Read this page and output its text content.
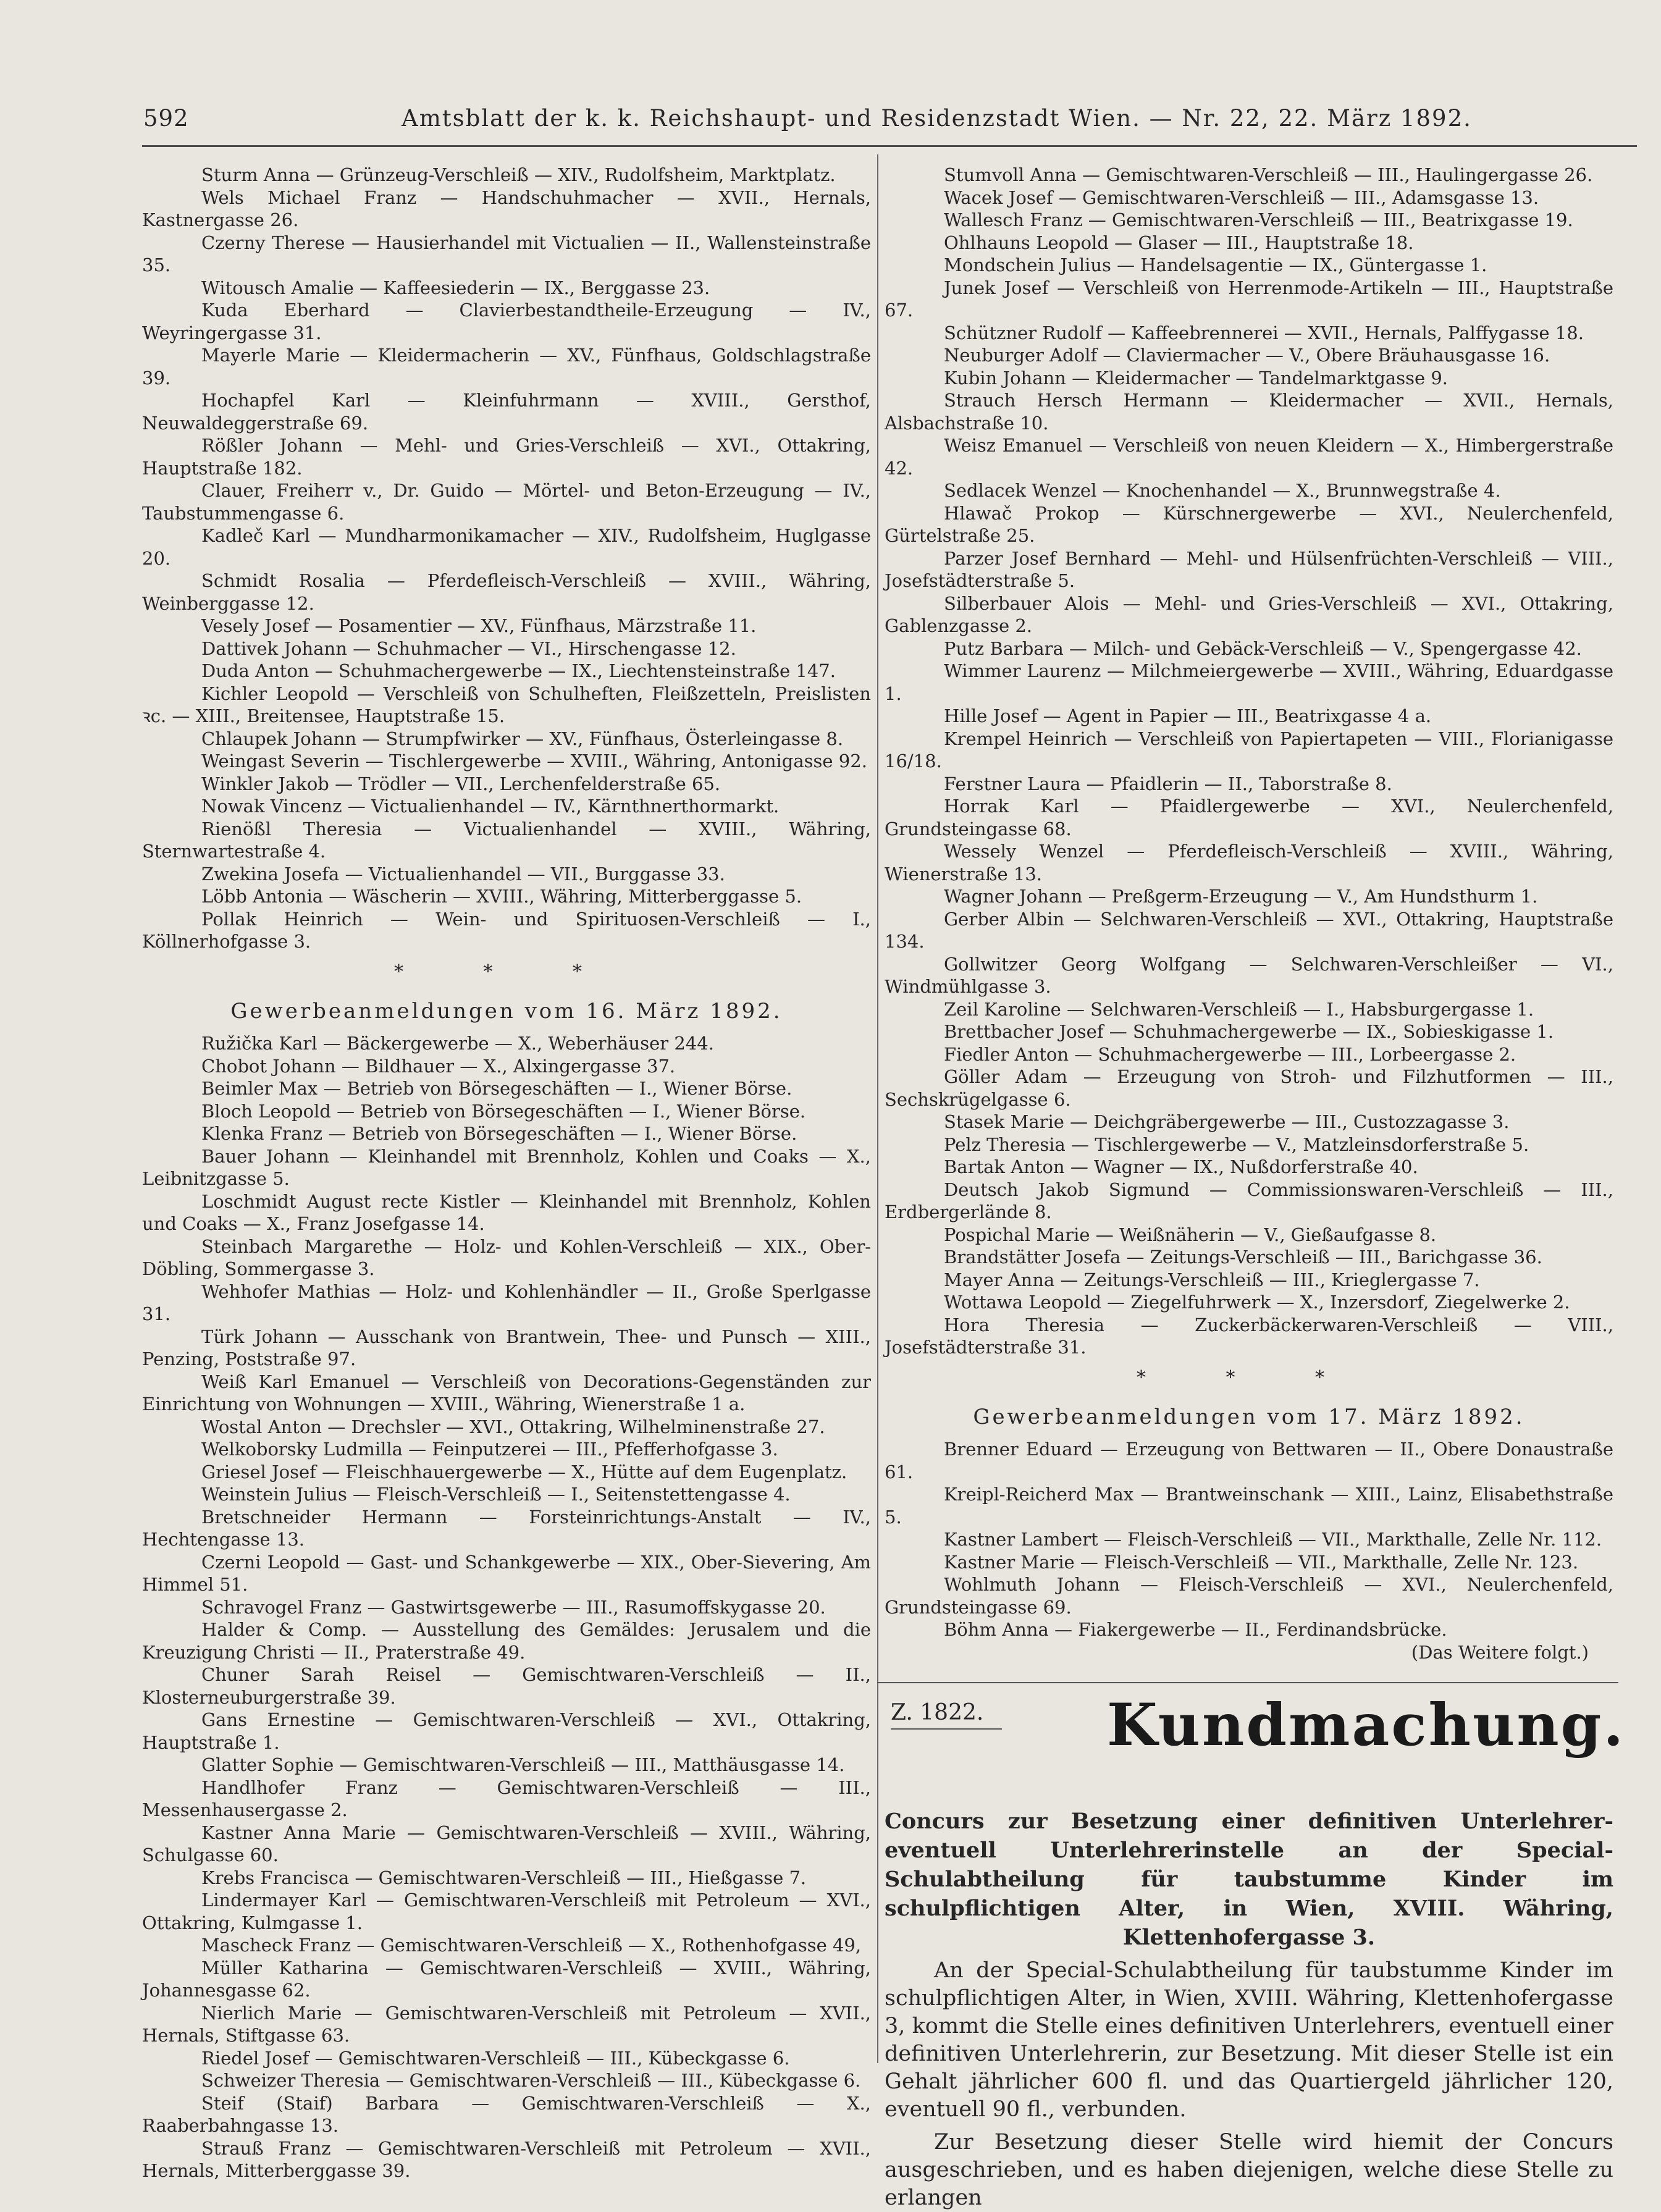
592	Amtsblatt der k. k. Reichshaupt- und Residenzstadt Wien. — Nr. 22, 22. März 1892.

Sturm Anna — Grünzeug-Verschleiß — XIV., Rudolfsheim, Marktplatz.

Wels Michael Franz — Handschuhmacher — XVII., Hernals, Kastnergasse 26.

Czerny Therese — Hausierhandel mit Victualien — II., Wallensteinstraße 35.

Witousch Amalie — Kaffeesiederin — IX., Berggasse 23.

Kuda Eberhard — Clavierbestandtheile-Erzeugung — IV., Weyringergasse 31.

Mayerle Marie — Kleidermacherin — XV., Fünfhaus, Goldschlagstraße 39.

Hochapfel Karl — Kleinfuhrmann — XVIII., Gersthof, Neuwaldeggerstraße 69.

Rößler Johann — Mehl- und Gries-Verschleiß — XVI., Ottakring, Hauptstraße 182.

Clauer, Freiherr v., Dr. Guido — Mörtel- und Beton-Erzeugung — IV., Taubstummengasse 6.

Kadleč Karl — Mundharmonikamacher — XIV., Rudolfsheim, Huglgasse 20.

Schmidt Rosalia — Pferdefleisch-Verschleiß — XVIII., Währing, Weinberggasse 12.

Vesely Josef — Posamentier — XV., Fünfhaus, Märzstraße 11.

Dattivek Johann — Schuhmacher — VI., Hirschengasse 12.

Duda Anton — Schuhmachergewerbe — IX., Liechtensteinstraße 147.

Kichler Leopold — Verschleiß von Schulheften, Fleißzetteln, Preislisten ꝛc. — XIII., Breitensee, Hauptstraße 15.

Chlaupek Johann — Strumpfwirker — XV., Fünfhaus, Österleingasse 8.

Weingast Severin — Tischlergewerbe — XVIII., Währing, Antonigasse 92.

Winkler Jakob — Trödler — VII., Lerchenfelderstraße 65.

Nowak Vincenz — Victualienhandel — IV., Kärnthnerthormarkt.

Rienößl Theresia — Victualienhandel — XVIII., Währing, Sternwartestraße 4.

Zwekina Josefa — Victualienhandel — VII., Burggasse 33.

Löbb Antonia — Wäscherin — XVIII., Währing, Mitterberggasse 5.

Pollak Heinrich — Wein- und Spirituosen-Verschleiß — I., Köllnerhofgasse 3.

* * *
Gewerbeanmeldungen vom 16. März 1892.

Ružička Karl — Bäckergewerbe — X., Weberhäuser 244.

Chobot Johann — Bildhauer — X., Alxingergasse 37.

Beimler Max — Betrieb von Börsegeschäften — I., Wiener Börse.

Bloch Leopold — Betrieb von Börsegeschäften — I., Wiener Börse.

Klenka Franz — Betrieb von Börsegeschäften — I., Wiener Börse.

Bauer Johann — Kleinhandel mit Brennholz, Kohlen und Coaks — X., Leibnitzgasse 5.

Loschmidt August recte Kistler — Kleinhandel mit Brennholz, Kohlen und Coaks — X., Franz Josefgasse 14.

Steinbach Margarethe — Holz- und Kohlen-Verschleiß — XIX., Ober-Döbling, Sommergasse 3.

Wehhofer Mathias — Holz- und Kohlenhändler — II., Große Sperlgasse 31.

Türk Johann — Ausschank von Brantwein, Thee- und Punsch — XIII., Penzing, Poststraße 97.

Weiß Karl Emanuel — Verschleiß von Decorations-Gegenständen zur Einrichtung von Wohnungen — XVIII., Währing, Wienerstraße 1 a.

Wostal Anton — Drechsler — XVI., Ottakring, Wilhelminenstraße 27.

Welkoborsky Ludmilla — Feinputzerei — III., Pfefferhofgasse 3.

Griesel Josef — Fleischhauergewerbe — X., Hütte auf dem Eugenplatz.

Weinstein Julius — Fleisch-Verschleiß — I., Seitenstettengasse 4.

Bretschneider Hermann — Forsteinrichtungs-Anstalt — IV., Hechtengasse 13.

Czerni Leopold — Gast- und Schankgewerbe — XIX., Ober-Sievering, Am Himmel 51.

Schravogel Franz — Gastwirtsgewerbe — III., Rasumoffskygasse 20.

Halder & Comp. — Ausstellung des Gemäldes: Jerusalem und die Kreuzigung Christi — II., Praterstraße 49.

Chuner Sarah Reisel — Gemischtwaren-Verschleiß — II., Klosterneuburgerstraße 39.

Gans Ernestine — Gemischtwaren-Verschleiß — XVI., Ottakring, Hauptstraße 1.

Glatter Sophie — Gemischtwaren-Verschleiß — III., Matthäusgasse 14.

Handlhofer Franz — Gemischtwaren-Verschleiß — III., Messenhausergasse 2.

Kastner Anna Marie — Gemischtwaren-Verschleiß — XVIII., Währing, Schulgasse 60.

Krebs Francisca — Gemischtwaren-Verschleiß — III., Hießgasse 7.

Lindermayer Karl — Gemischtwaren-Verschleiß mit Petroleum — XVI., Ottakring, Kulmgasse 1.

Mascheck Franz — Gemischtwaren-Verschleiß — X., Rothenhofgasse 49,

Müller Katharina — Gemischtwaren-Verschleiß — XVIII., Währing, Johannesgasse 62.

Nierlich Marie — Gemischtwaren-Verschleiß mit Petroleum — XVII., Hernals, Stiftgasse 63.

Riedel Josef — Gemischtwaren-Verschleiß — III., Kübeckgasse 6.

Schweizer Theresia — Gemischtwaren-Verschleiß — III., Kübeckgasse 6.

Steif (Staif) Barbara — Gemischtwaren-Verschleiß — X., Raaberbahngasse 13.

Strauß Franz — Gemischtwaren-Verschleiß mit Petroleum — XVII., Hernals, Mitterberggasse 39.

Stumvoll Anna — Gemischtwaren-Verschleiß — III., Haulingergasse 26.

Wacek Josef — Gemischtwaren-Verschleiß — III., Adamsgasse 13.

Wallesch Franz — Gemischtwaren-Verschleiß — III., Beatrixgasse 19.

Ohlhauns Leopold — Glaser — III., Hauptstraße 18.

Mondschein Julius — Handelsagentie — IX., Güntergasse 1.

Junek Josef — Verschleiß von Herrenmode-Artikeln — III., Hauptstraße 67.

Schützner Rudolf — Kaffeebrennerei — XVII., Hernals, Palffygasse 18.

Neuburger Adolf — Claviermacher — V., Obere Bräuhausgasse 16.

Kubin Johann — Kleidermacher — Tandelmarktgasse 9.

Strauch Hersch Hermann — Kleidermacher — XVII., Hernals, Alsbachstraße 10.

Weisz Emanuel — Verschleiß von neuen Kleidern — X., Himbergerstraße 42.

Sedlacek Wenzel — Knochenhandel — X., Brunnwegstraße 4.

Hlawač Prokop — Kürschnergewerbe — XVI., Neulerchenfeld, Gürtelstraße 25.

Parzer Josef Bernhard — Mehl- und Hülsenfrüchten-Verschleiß — VIII., Josefstädterstraße 5.

Silberbauer Alois — Mehl- und Gries-Verschleiß — XVI., Ottakring, Gablenzgasse 2.

Putz Barbara — Milch- und Gebäck-Verschleiß — V., Spengergasse 42.

Wimmer Laurenz — Milchmeiergewerbe — XVIII., Währing, Eduardgasse 1.

Hille Josef — Agent in Papier — III., Beatrixgasse 4 a.

Krempel Heinrich — Verschleiß von Papiertapeten — VIII., Florianigasse 16/18.

Ferstner Laura — Pfaidlerin — II., Taborstraße 8.

Horrak Karl — Pfaidlergewerbe — XVI., Neulerchenfeld, Grundsteingasse 68.

Wessely Wenzel — Pferdefleisch-Verschleiß — XVIII., Währing, Wienerstraße 13.

Wagner Johann — Preßgerm-Erzeugung — V., Am Hundsthurm 1.

Gerber Albin — Selchwaren-Verschleiß — XVI., Ottakring, Hauptstraße 134.

Gollwitzer Georg Wolfgang — Selchwaren-Verschleißer — VI., Windmühlgasse 3.

Zeil Karoline — Selchwaren-Verschleiß — I., Habsburgergasse 1.

Brettbacher Josef — Schuhmachergewerbe — IX., Sobieskigasse 1.

Fiedler Anton — Schuhmachergewerbe — III., Lorbeergasse 2.

Göller Adam — Erzeugung von Stroh- und Filzhutformen — III., Sechskrügelgasse 6.

Stasek Marie — Deichgräbergewerbe — III., Custozzagasse 3.

Pelz Theresia — Tischlergewerbe — V., Matzleinsdorferstraße 5.

Bartak Anton — Wagner — IX., Nußdorferstraße 40.

Deutsch Jakob Sigmund — Commissionswaren-Verschleiß — III., Erdbergerlände 8.

Pospichal Marie — Weißnäherin — V., Gießaufgasse 8.

Brandstätter Josefa — Zeitungs-Verschleiß — III., Barichgasse 36.

Mayer Anna — Zeitungs-Verschleiß — III., Krieglergasse 7.

Wottawa Leopold — Ziegelfuhrwerk — X., Inzersdorf, Ziegelwerke 2.

Hora Theresia — Zuckerbäckerwaren-Verschleiß — VIII., Josefstädterstraße 31.

* * *
Gewerbeanmeldungen vom 17. März 1892.

Brenner Eduard — Erzeugung von Bettwaren — II., Obere Donaustraße 61.

Kreipl-Reicherd Max — Brantweinschank — XIII., Lainz, Elisabethstraße 5.

Kastner Lambert — Fleisch-Verschleiß — VII., Markthalle, Zelle Nr. 112.

Kastner Marie — Fleisch-Verschleiß — VII., Markthalle, Zelle Nr. 123.

Wohlmuth Johann — Fleisch-Verschleiß — XVI., Neulerchenfeld, Grundsteingasse 69.

Böhm Anna — Fiakergewerbe — II., Ferdinandsbrücke.

(Das Weitere folgt.)

Z. 1822.	Kundmachung.

Concurs zur Besetzung einer definitiven Unterlehrer- eventuell Unterlehrerinstelle an der Special-Schulabtheilung für taubstumme Kinder im schulpflichtigen Alter, in Wien, XVIII. Währing, Klettenhofergasse 3.

An der Special-Schulabtheilung für taubstumme Kinder im schulpflichtigen Alter, in Wien, XVIII. Währing, Klettenhofergasse 3, kommt die Stelle eines definitiven Unterlehrers, eventuell einer definitiven Unterlehrerin, zur Besetzung. Mit dieser Stelle ist ein Gehalt jährlicher 600 fl. und das Quartiergeld jährlicher 120, eventuell 90 fl., verbunden.

Zur Besetzung dieser Stelle wird hiemit der Concurs ausgeschrieben, und es haben diejenigen, welche diese Stelle zu erlangen
